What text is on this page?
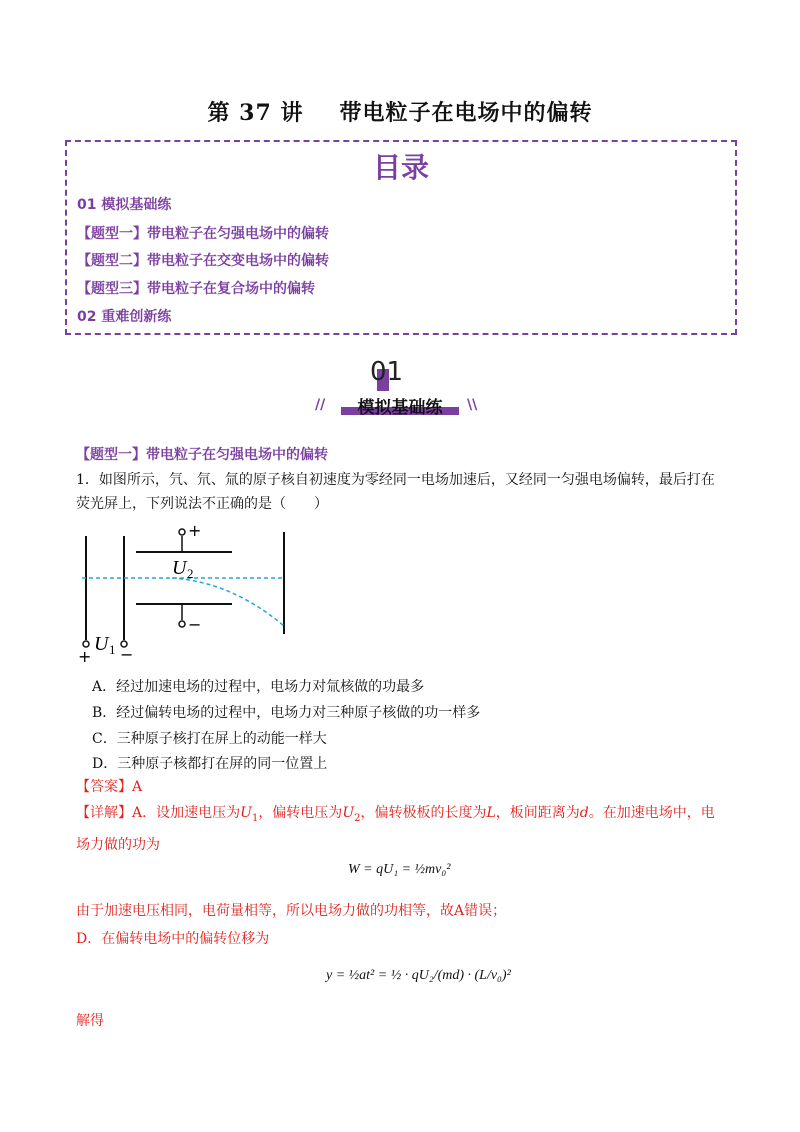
第 37 讲 带电粒子在电场中的偏转
目录
01 模拟基础练
【题型一】带电粒子在匀强电场中的偏转
【题型二】带电粒子在交变电场中的偏转
【题型三】带电粒子在复合场中的偏转
02 重难创新练
01
模拟基础练
//	\\
【题型一】带电粒子在匀强电场中的偏转
1．如图所示，氕、氘、氚的原子核自初速度为零经同一电场加速后，又经同一匀强电场偏转，最后打在荧光屏上，下列说法不正确的是（　　）
+
−
U 2
U 1
+ −
A．经过加速电场的过程中，电场力对氚核做的功最多
B．经过偏转电场的过程中，电场力对三种原子核做的功一样多
C．三种原子核打在屏上的动能一样大
D．三种原子核都打在屏的同一位置上
【答案】A
【详解】A．设加速电压为$U_1$，偏转电压为$U_2$，偏转极板的长度为L，板间距离为d。在加速电场中，电场力做的功为
W = qU₁ = ½mv₀²
由于加速电压相同，电荷量相等，所以电场力做的功相等，故A错误；
D．在偏转电场中的偏转位移为
y = ½at² = ½ · qU₂/(md) · (L/v₀)²
解得
